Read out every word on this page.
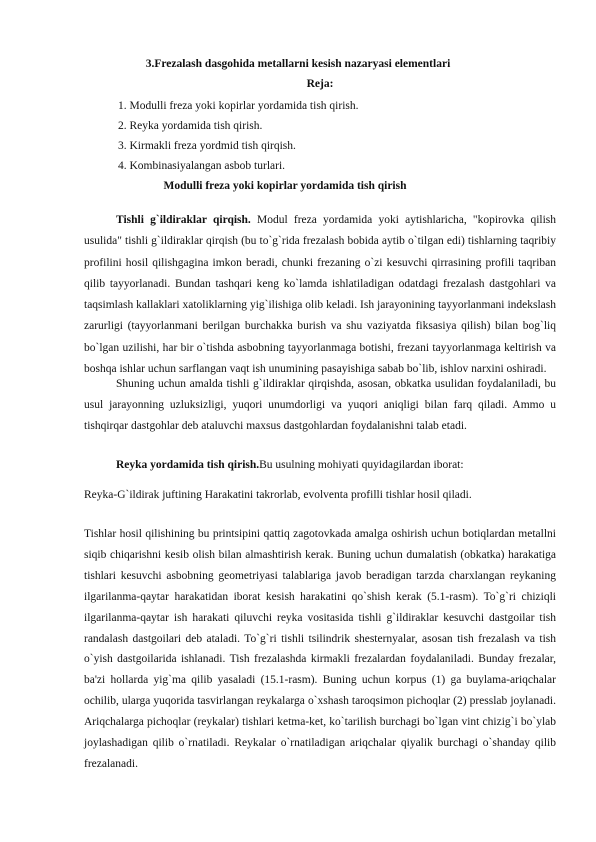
3.Frezalash dasgohida metallarni kesish nazaryasi elementlari
Reja:
1. Modulli freza yoki kopirlar yordamida tish qirish.
2. Reyka yordamida tish qirish.
3. Kirmakli freza yordmid tish qirqish.
4. Kombinasiyalangan asbob turlari.
Modulli freza yoki kopirlar yordamida tish qirish

Tishli g`ildiraklar qirqish. Modul freza yordamida yoki aytishlaricha, "kopirovka qilish usulida" tishli g`ildiraklar qirqish (bu to`g`rida frezalash bobida aytib o`tilgan edi) tishlarning taqribiy profilini hosil qilishgagina imkon beradi, chunki frezaning o`zi kesuvchi qirrasining profili taqriban qilib tayyorlanadi. Bundan tashqari keng ko`lamda ishlatiladigan odatdagi frezalash dastgohlari va taqsimlash kallaklari xatoliklarning yig`ilishiga olib keladi. Ish jarayonining tayyorlanmani indekslash zarurligi (tayyorlanmani berilgan burchakka burish va shu vaziyatda fiksasiya qilish) bilan bog`liq bo`lgan uzilishi, har bir o`tishda asbobning tayyorlanmaga botishi, frezani tayyorlanmaga keltirish va boshqa ishlar uchun sarflangan vaqt ish unumining pasayishiga sabab bo`lib, ishlov narxini oshiradi.

Shuning uchun amalda tishli g`ildiraklar qirqishda, asosan, obkatka usulidan foydalaniladi, bu usul jarayonning uzluksizligi, yuqori unumdorligi va yuqori aniqligi bilan farq qiladi. Ammo u tishqirqar dastgohlar deb ataluvchi maxsus dastgohlardan foydalanishni talab etadi.

Reyka yordamida tish qirish.Bu usulning mohiyati quyidagilardan iborat:

Reyka-G`ildirak juftining Harakatini takrorlab, evolventa profilli tishlar hosil qiladi.

Tishlar hosil qilishining bu printsipini qattiq zagotovkada amalga oshirish uchun botiqlardan metallni siqib chiqarishni kesib olish bilan almashtirish kerak. Buning uchun dumalatish (obkatka) harakatiga tishlari kesuvchi asbobning geometriyasi talablariga javob beradigan tarzda charxlangan reykaning ilgarilanma-qaytar harakatidan iborat kesish harakatini qo`shish kerak (5.1-rasm). To`g`ri chiziqli ilgarilanma-qaytar ish harakati qiluvchi reyka vositasida tishli g`ildiraklar kesuvchi dastgoilar tish randalash dastgoilari deb ataladi. To`g`ri tishli tsilindrik shesternyalar, asosan tish frezalash va tish o`yish dastgoilarida ishlanadi. Tish frezalashda kirmakli frezalardan foydalaniladi. Bunday frezalar, ba'zi hollarda yig`ma qilib yasaladi (15.1-rasm). Buning uchun korpus (1) ga buylama-ariqchalar ochilib, ularga yuqorida tasvirlangan reykalarga o`xshash taroqsimon pichoqlar (2) presslab joylanadi. Ariqchalarga pichoqlar (reykalar) tishlari ketma-ket, ko`tarilish burchagi bo`lgan vint chizig`i bo`ylab joylashadigan qilib o`rnatiladi. Reykalar o`rnatiladigan ariqchalar qiyalik burchagi o`shanday qilib frezalanadi.
